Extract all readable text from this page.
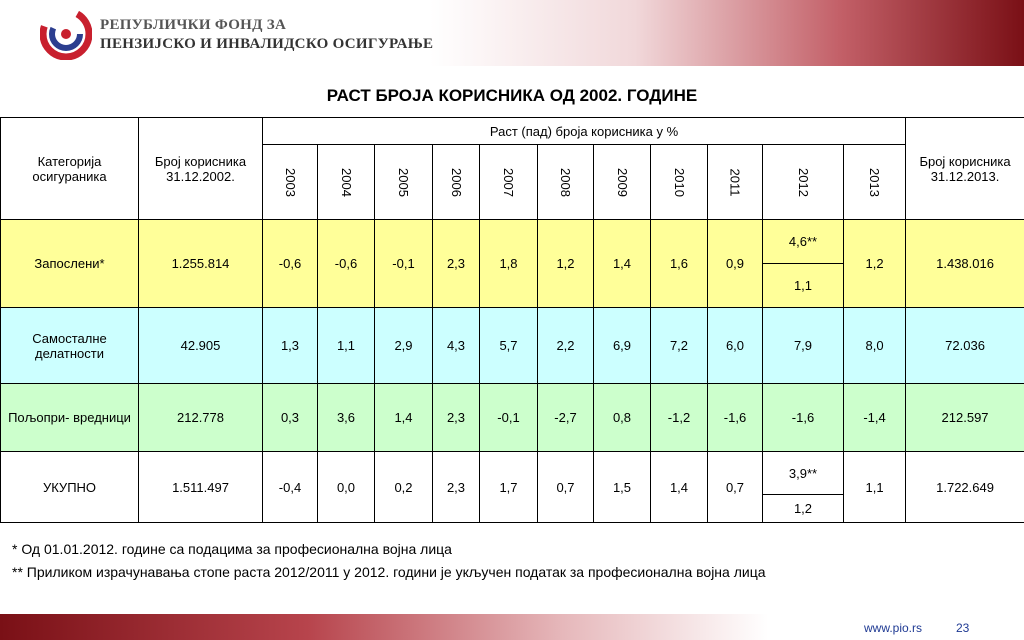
РЕПУБЛИЧКИ ФОНД ЗА
ПЕНЗИЈСКО И ИНВАЛИДСКО ОСИГУРАЊЕ
РАСТ БРОЈА КОРИСНИКА ОД 2002. ГОДИНЕ
Категорија осигураника	Број корисника 31.12.2002.	Раст (пад) броја корисника у %											Број корисника 31.12.2013.
		2003	2004	2005	2006	2007	2008	2009	2010	2011	2012	2013	
Запослени*	1.255.814	-0,6	-0,6	-0,1	2,3	1,8	1,2	1,4	1,6	0,9	4,6**	1,2	1.438.016
											1,1		
Самосталне делатности	42.905	1,3	1,1	2,9	4,3	5,7	2,2	6,9	7,2	6,0	7,9	8,0	72.036
Пољопри- вредници	212.778	0,3	3,6	1,4	2,3	-0,1	-2,7	0,8	-1,2	-1,6	-1,6	-1,4	212.597
УКУПНО	1.511.497	-0,4	0,0	0,2	2,3	1,7	0,7	1,5	1,4	0,7	3,9**	1,1	1.722.649
											1,2		
* Од 01.01.2012. године са подацима за професионална војна лица
** Приликом израчунавања стопе раста 2012/2011 у 2012. години је укључен податак за професионална војна лица
www.pio.rs	23
